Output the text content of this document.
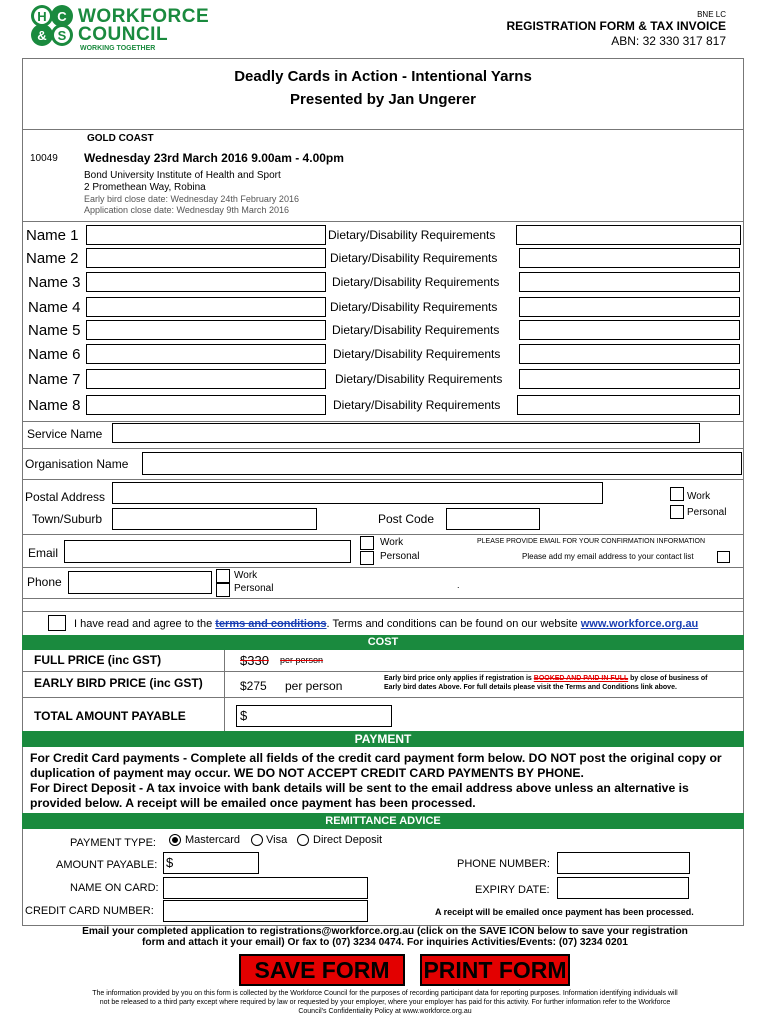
H C
& S
WORKFORCE
COUNCIL
WORKING TOGETHER
BNE LC
REGISTRATION FORM & TAX INVOICE
ABN: 32 330 317 817
Deadly Cards in Action - Intentional Yarns
Presented by Jan Ungerer
GOLD COAST
10049 Wednesday 23rd March 2016 9.00am - 4.00pm
Bond University Institute of Health and Sport
2 Promethean Way, Robina
Early bird close date: Wednesday 24th February 2016
Application close date: Wednesday 9th March 2016
Name 1	Dietary/Disability Requirements
Name 2	Dietary/Disability Requirements
Name 3	Dietary/Disability Requirements
Name 4	Dietary/Disability Requirements
Name 5	Dietary/Disability Requirements
Name 6	Dietary/Disability Requirements
Name 7	Dietary/Disability Requirements
Name 8	Dietary/Disability Requirements
Service Name
Organisation Name
Postal Address	Work
Personal
Town/Suburb	Post Code
Email
Work
Personal
PLEASE PROVIDE EMAIL FOR YOUR CONFIRMATION INFORMATION
Please add my email address to your contact list
Phone	Work
Personal	.
I have read and agree to the terms and conditions. Terms and conditions can be found on our website www.workforce.org.au
COST
FULL PRICE (inc GST)	$330 per person
EARLY BIRD PRICE (inc GST)	$275 per person
Early bird price only applies if registration is BOOKED AND PAID IN FULL by close of business of
Early bird dates Above. For full details please visit the Terms and Conditions link above.
TOTAL AMOUNT PAYABLE	$
PAYMENT
For Credit Card payments - Complete all fields of the credit card payment form below. DO NOT post the original copy or duplication of payment may occur. WE DO NOT ACCEPT CREDIT CARD PAYMENTS BY PHONE.
For Direct Deposit - A tax invoice with bank details will be sent to the email address above unless an alternative is provided below. A receipt will be emailed once payment has been processed.
REMITTANCE ADVICE
PAYMENT TYPE:	Mastercard Visa Direct Deposit
AMOUNT PAYABLE: $	PHONE NUMBER:
NAME ON CARD:	EXPIRY DATE:
CREDIT CARD NUMBER:	A receipt will be emailed once payment has been processed.
Email your completed application to registrations@workforce.org.au (click on the SAVE ICON below to save your registration
form and attach it your email) Or fax to (07) 3234 0474. For inquiries Activities/Events: (07) 3234 0201
SAVE FORM	PRINT FORM
The information provided by you on this form is collected by the Workforce Council for the purposes of recording participant data for reporting purposes. Information identifying individuals will
not be released to a third party except where required by law or requested by your employer, where your employer has paid for this activity. For further information refer to the Workforce
Council's Confidentiality Policy at www.workforce.org.au
